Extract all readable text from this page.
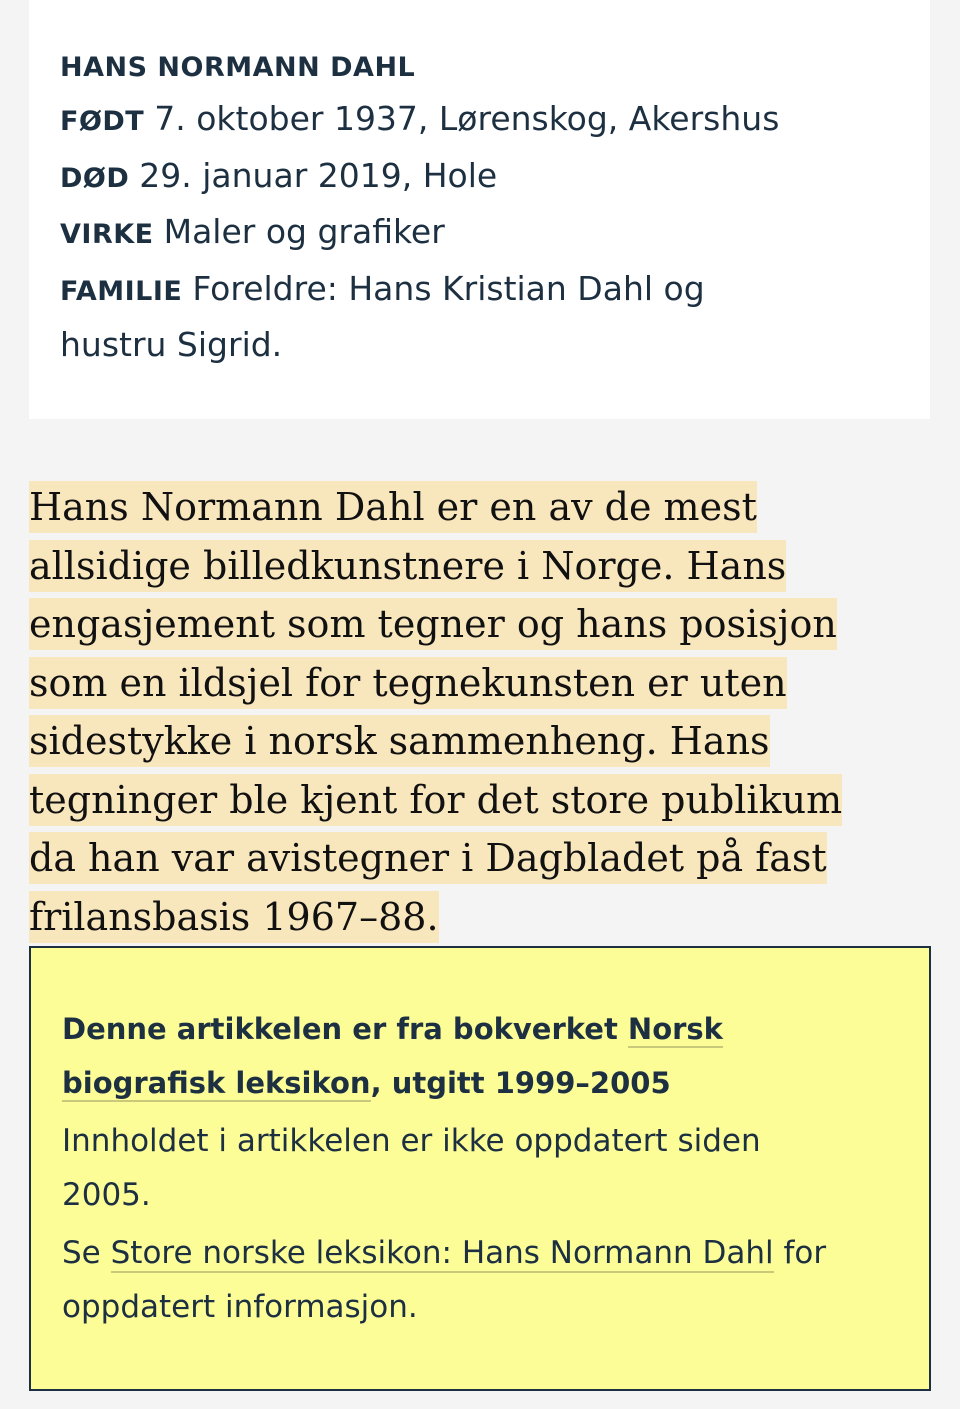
HANS NORMANN DAHL
FØDT 7. oktober 1937, Lørenskog, Akershus
DØD 29. januar 2019, Hole
VIRKE Maler og grafiker
FAMILIE Foreldre: Hans Kristian Dahl og hustru Sigrid.
Hans Normann Dahl er en av de mest allsidige billedkunstnere i Norge. Hans engasjement som tegner og hans posisjon som en ildsjel for tegnekunsten er uten sidestykke i norsk sammenheng. Hans tegninger ble kjent for det store publikum da han var avistegner i Dagbladet på fast frilansbasis 1967–88.
Denne artikkelen er fra bokverket Norsk biografisk leksikon, utgitt 1999–2005

Innholdet i artikkelen er ikke oppdatert siden 2005.

Se Store norske leksikon: Hans Normann Dahl for oppdatert informasjon.
